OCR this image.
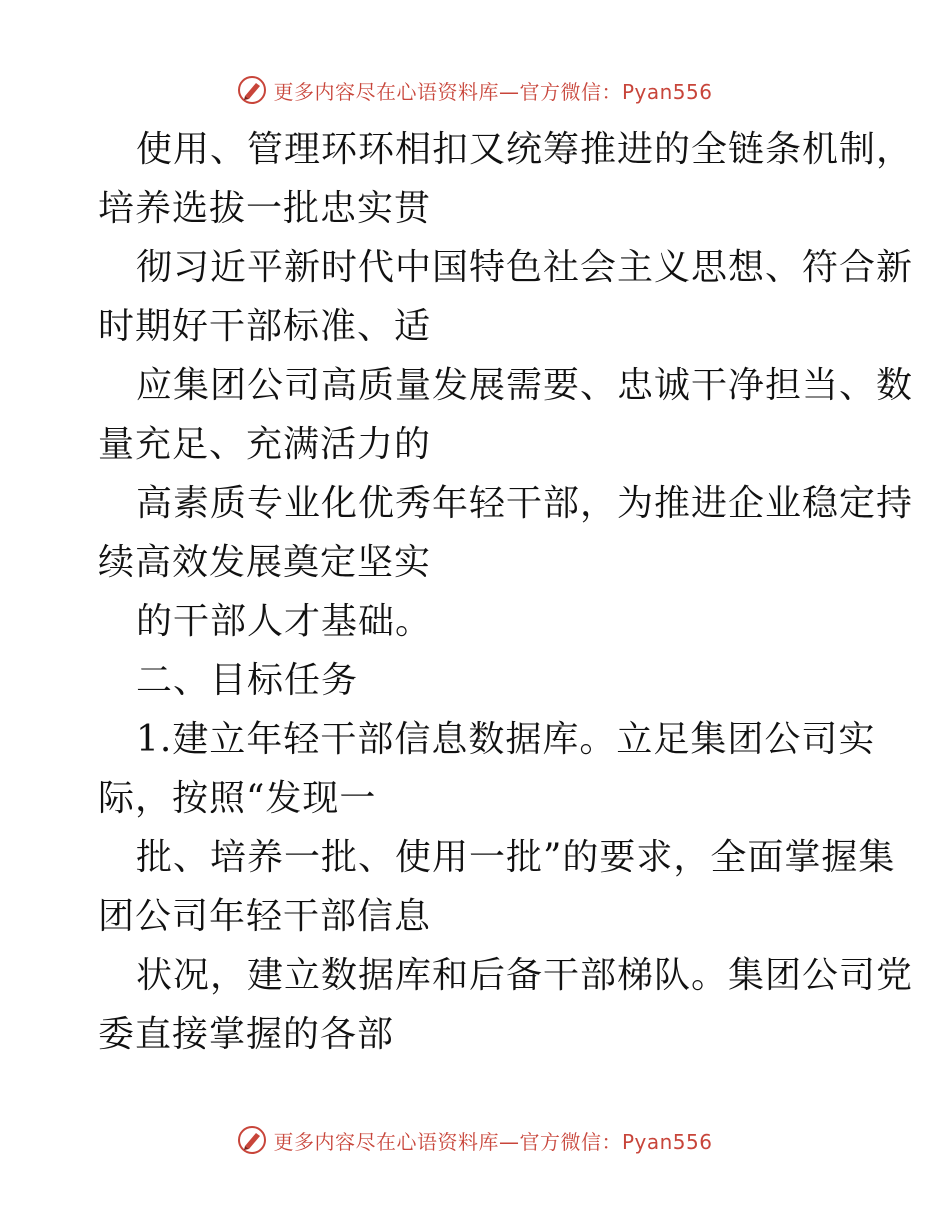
更多内容尽在心语资料库—官方微信：Pyan556

使用、管理环环相扣又统筹推进的全链条机制，
培养选拔一批忠实贯

彻习近平新时代中国特色社会主义思想、符合新
时期好干部标准、适

应集团公司高质量发展需要、忠诚干净担当、数
量充足、充满活力的

高素质专业化优秀年轻干部，为推进企业稳定持
续高效发展奠定坚实

的干部人才基础。

二、目标任务

1.建立年轻干部信息数据库。立足集团公司实
际，按照“发现一

批、培养一批、使用一批”的要求，全面掌握集
团公司年轻干部信息

状况，建立数据库和后备干部梯队。集团公司党
委直接掌握的各部

更多内容尽在心语资料库—官方微信：Pyan556
